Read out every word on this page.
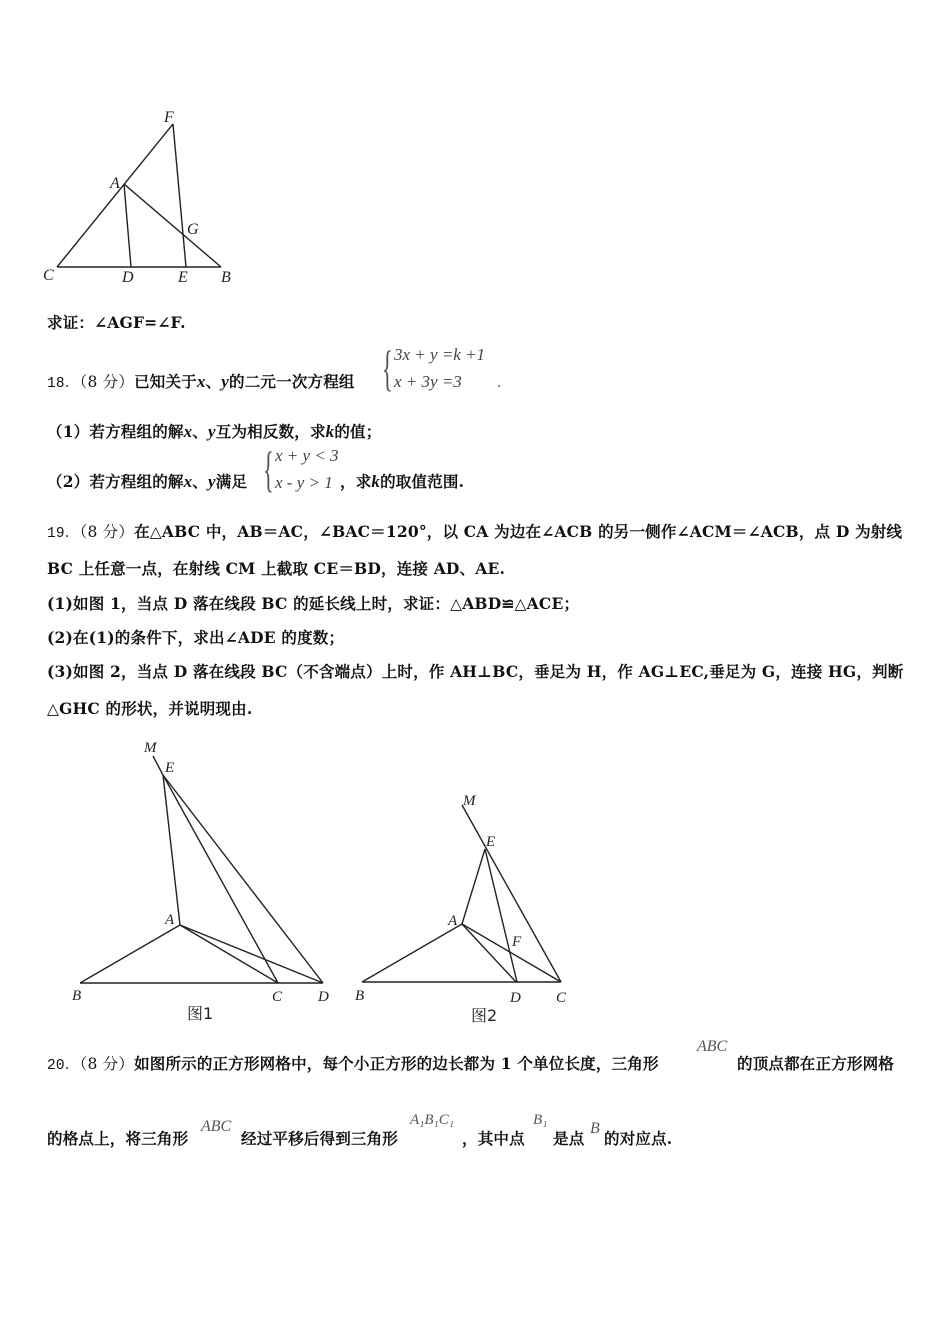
F
A
G
C	D	E B
求证：∠AGF=∠F.
18．（8 分）已知关于x、y的二元一次方程组 { 3x + y =k +1
x + 3y =3	．
（1）若方程组的解x、y互为相反数，求k的值；
（2）若方程组的解x、y满足 { x + y < 3
x - y > 1 ，求k的取值范围.
19．（8 分）在△ABC 中，AB＝AC，∠BAC＝120°，以 CA 为边在∠ACB 的另一侧作∠ACM＝∠ACB，点 D 为射线
BC 上任意一点，在射线 CM 上截取 CE＝BD，连接 AD、AE.
(1)如图 1，当点 D 落在线段 BC 的延长线上时，求证：△ABD≌△ACE；
(2)在(1)的条件下，求出∠ADE 的度数；
(3)如图 2，当点 D 落在线段 BC（不含端点）上时，作 AH⊥BC，垂足为 H，作 AG⊥EC,垂足为 G，连接 HG，判断
△GHC 的形状，并说明现由.
M
E
A
B	C D
图1
M
E
A
F
B	D C
图2
20．（8 分）如图所示的正方形网格中，每个小正方形的边长都为 1 个单位长度，三角形
ABC
的顶点都在正方形网格
的格点上，将三角形
ABC
经过平移后得到三角形
A₁B₁C₁
，其中点
B₁
是点
B
的对应点.
